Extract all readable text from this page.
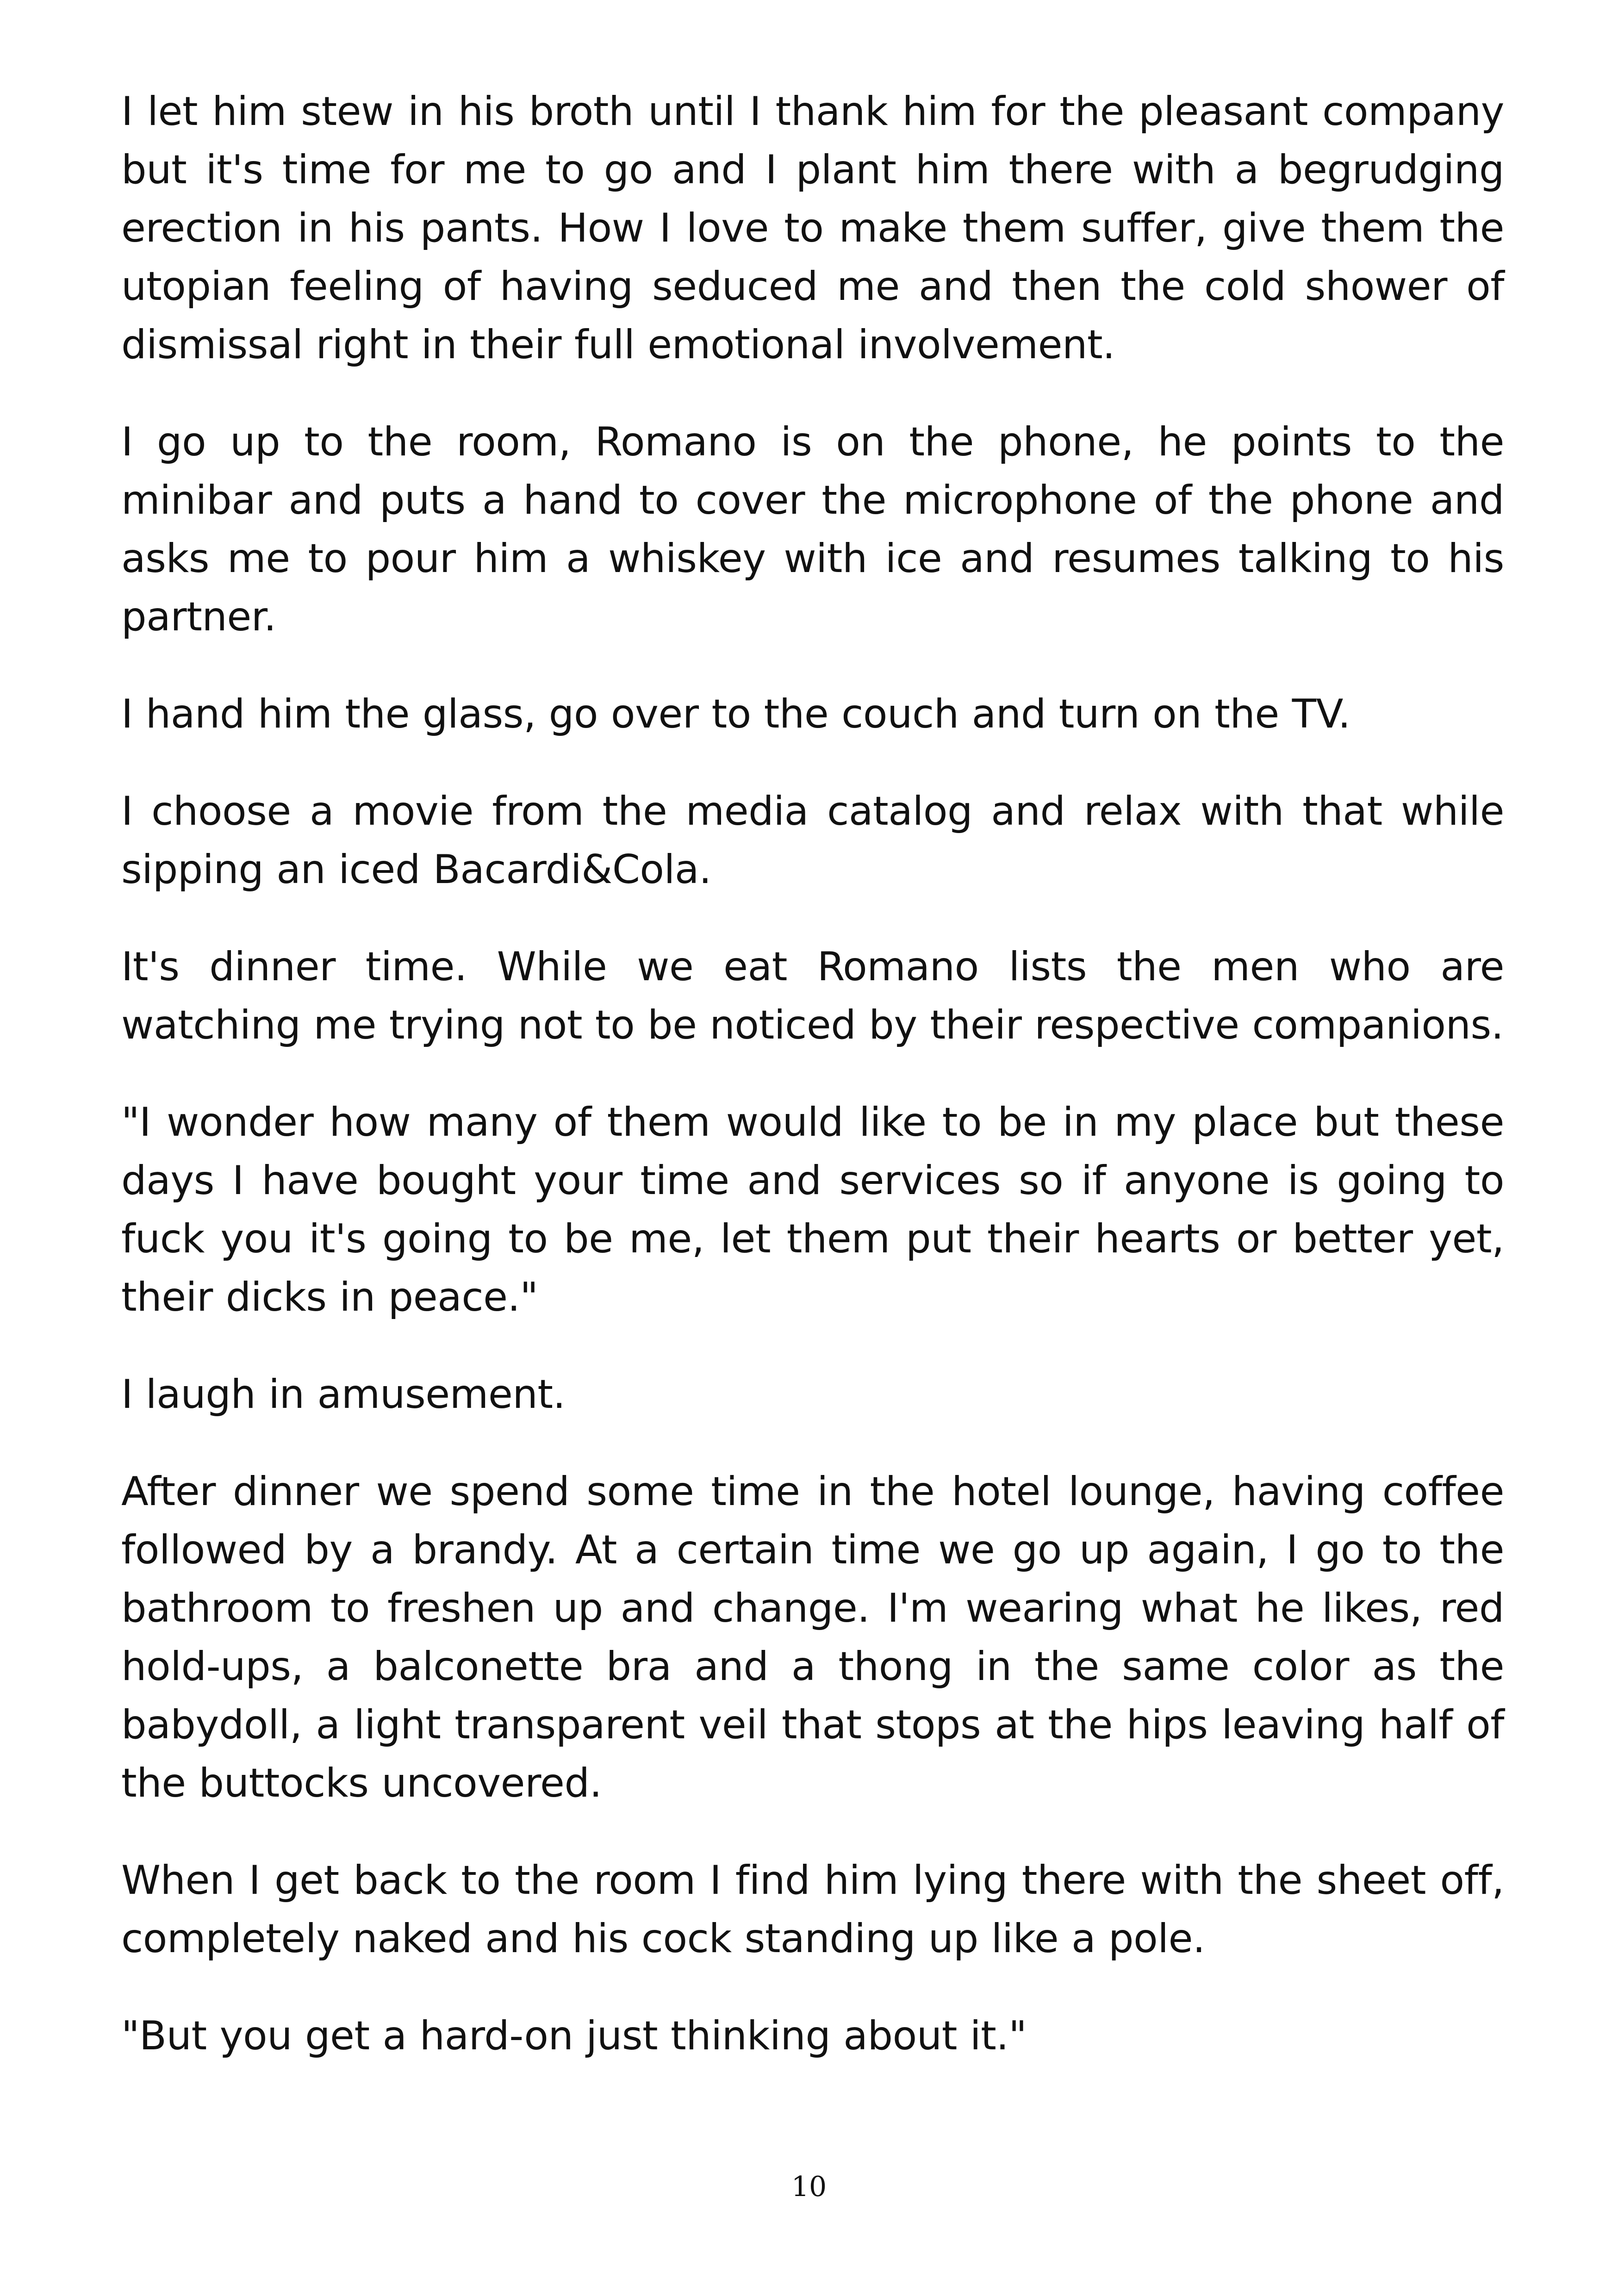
I let him stew in his broth until I thank him for the pleasant company but it's time for me to go and I plant him there with a begrudging erection in his pants. How I love to make them suffer, give them the utopian feeling of having seduced me and then the cold shower of dismissal right in their full emotional involvement.

I go up to the room, Romano is on the phone, he points to the minibar and puts a hand to cover the microphone of the phone and asks me to pour him a whiskey with ice and resumes talking to his partner.

I hand him the glass, go over to the couch and turn on the TV.

I choose a movie from the media catalog and relax with that while sipping an iced Bacardi&Cola.

It's dinner time. While we eat Romano lists the men who are watching me trying not to be noticed by their respective companions.

"I wonder how many of them would like to be in my place but these days I have bought your time and services so if anyone is going to fuck you it's going to be me, let them put their hearts or better yet, their dicks in peace."

I laugh in amusement.

After dinner we spend some time in the hotel lounge, having coffee followed by a brandy. At a certain time we go up again, I go to the bathroom to freshen up and change. I'm wearing what he likes, red hold-ups, a balconette bra and a thong in the same color as the babydoll, a light transparent veil that stops at the hips leaving half of the buttocks uncovered.

When I get back to the room I find him lying there with the sheet off, completely naked and his cock standing up like a pole.

"But you get a hard-on just thinking about it."

10
